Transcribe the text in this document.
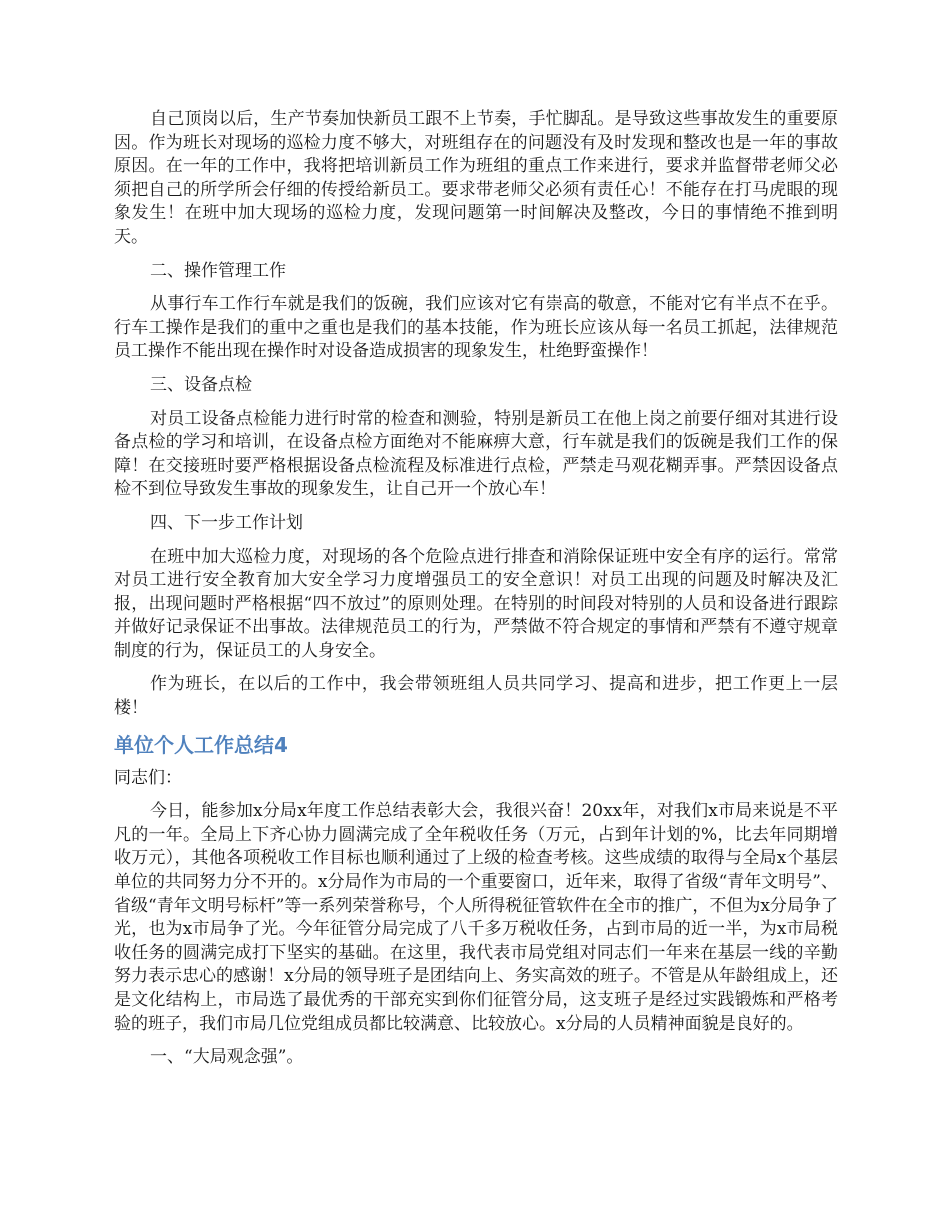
自己顶岗以后，生产节奏加快新员工跟不上节奏，手忙脚乱。是导致这些事故发生的重要原因。作为班长对现场的巡检力度不够大，对班组存在的问题没有及时发现和整改也是一年的事故原因。在一年的工作中，我将把培训新员工作为班组的重点工作来进行，要求并监督带老师父必须把自己的所学所会仔细的传授给新员工。要求带老师父必须有责任心！不能存在打马虎眼的现象发生！在班中加大现场的巡检力度，发现问题第一时间解决及整改，今日的事情绝不推到明天。

二、操作管理工作

从事行车工作行车就是我们的饭碗，我们应该对它有崇高的敬意，不能对它有半点不在乎。行车工操作是我们的重中之重也是我们的基本技能，作为班长应该从每一名员工抓起，法律规范员工操作不能出现在操作时对设备造成损害的现象发生，杜绝野蛮操作！

三、设备点检

对员工设备点检能力进行时常的检查和测验，特别是新员工在他上岗之前要仔细对其进行设备点检的学习和培训，在设备点检方面绝对不能麻痹大意，行车就是我们的饭碗是我们工作的保障！在交接班时要严格根据设备点检流程及标准进行点检，严禁走马观花糊弄事。严禁因设备点检不到位导致发生事故的现象发生，让自己开一个放心车！

四、下一步工作计划

在班中加大巡检力度，对现场的各个危险点进行排查和消除保证班中安全有序的运行。常常对员工进行安全教育加大安全学习力度增强员工的安全意识！对员工出现的问题及时解决及汇报，出现问题时严格根据“四不放过”的原则处理。在特别的时间段对特别的人员和设备进行跟踪并做好记录保证不出事故。法律规范员工的行为，严禁做不符合规定的事情和严禁有不遵守规章制度的行为，保证员工的人身安全。

作为班长，在以后的工作中，我会带领班组人员共同学习、提高和进步，把工作更上一层楼！

单位个人工作总结4

同志们：

今日，能参加x分局x年度工作总结表彰大会，我很兴奋！20xx年，对我们x市局来说是不平凡的一年。全局上下齐心协力圆满完成了全年税收任务（万元，占到年计划的%，比去年同期增收万元），其他各项税收工作目标也顺利通过了上级的检查考核。这些成绩的取得与全局x个基层单位的共同努力分不开的。x分局作为市局的一个重要窗口，近年来，取得了省级“青年文明号”、省级“青年文明号标杆”等一系列荣誉称号，个人所得税征管软件在全市的推广，不但为x分局争了光，也为x市局争了光。今年征管分局完成了八千多万税收任务，占到市局的近一半，为x市局税收任务的圆满完成打下坚实的基础。在这里，我代表市局党组对同志们一年来在基层一线的辛勤努力表示忠心的感谢！x分局的领导班子是团结向上、务实高效的班子。不管是从年龄组成上，还是文化结构上，市局选了最优秀的干部充实到你们征管分局，这支班子是经过实践锻炼和严格考验的班子，我们市局几位党组成员都比较满意、比较放心。x分局的人员精神面貌是良好的。

一、“大局观念强”。
